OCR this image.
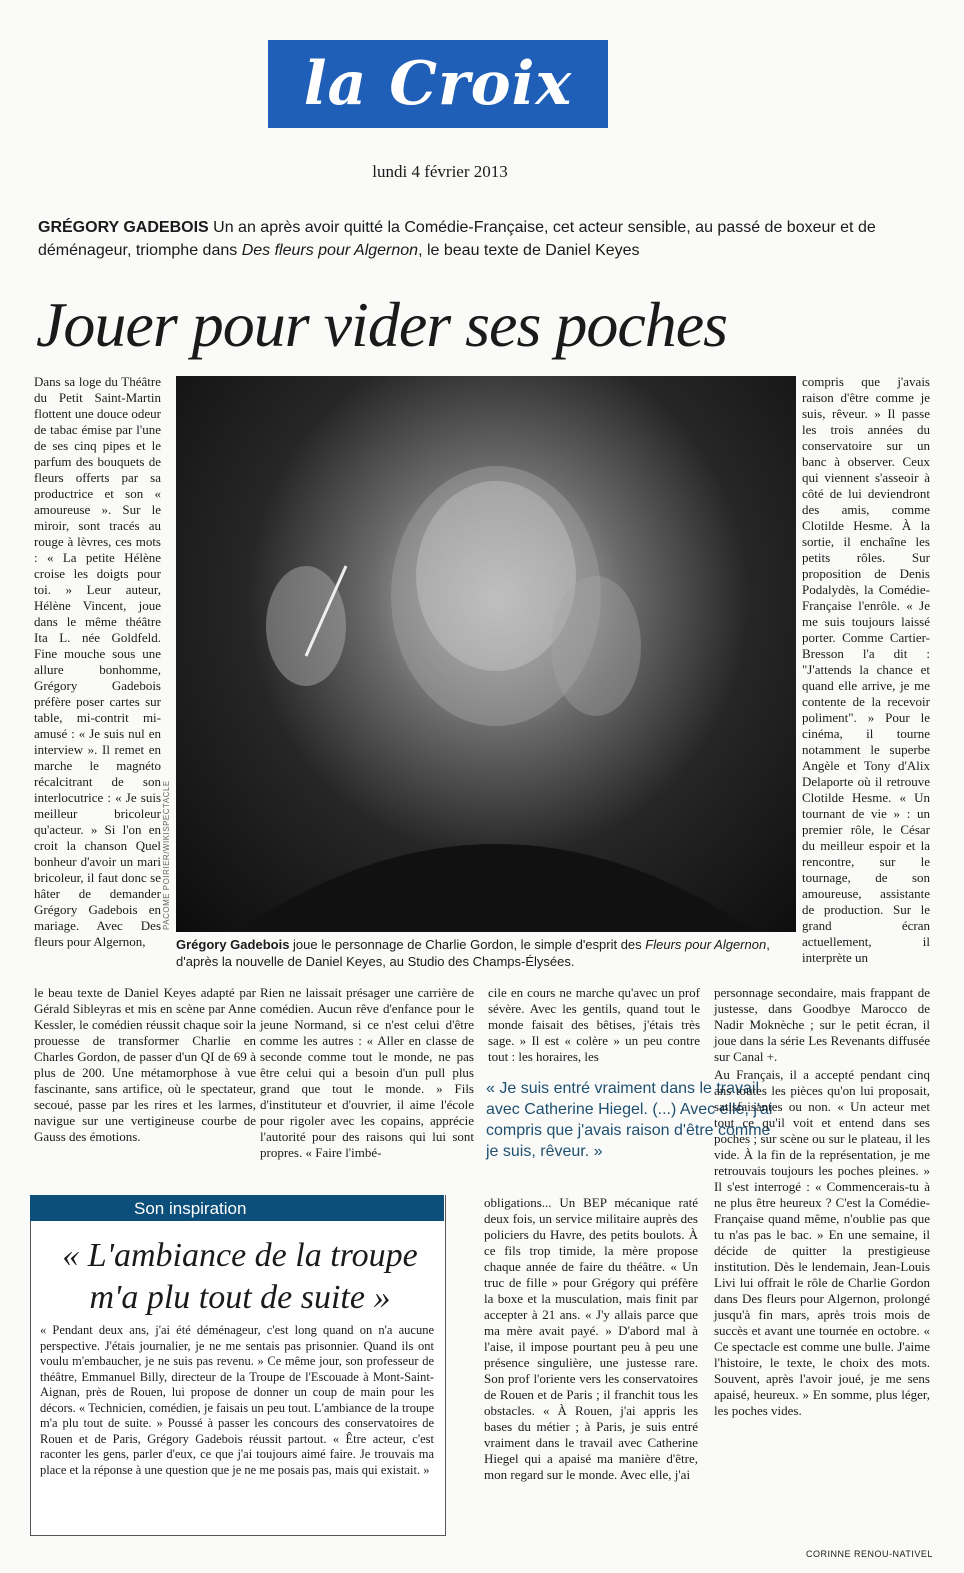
la Croix
lundi 4 février 2013
GRÉGORY GADEBOIS Un an après avoir quitté la Comédie-Française, cet acteur sensible, au passé de boxeur et de déménageur, triomphe dans Des fleurs pour Algernon, le beau texte de Daniel Keyes
Jouer pour vider ses poches
Dans sa loge du Théâtre du Petit Saint-Martin flottent une douce odeur de tabac émise par l'une de ses cinq pipes et le parfum des bouquets de fleurs offerts par sa productrice et son « amoureuse ». Sur le miroir, sont tracés au rouge à lèvres, ces mots : « La petite Hélène croise les doigts pour toi. » Leur auteur, Hélène Vincent, joue dans le même théâtre Ita L. née Goldfeld. Fine mouche sous une allure bonhomme, Grégory Gadebois préfère poser cartes sur table, mi-contrit mi-amusé : « Je suis nul en interview ». Il remet en marche le magnéto récalcitrant de son interlocutrice : « Je suis meilleur bricoleur qu'acteur. » Si l'on en croit la chanson Quel bonheur d'avoir un mari bricoleur, il faut donc se hâter de demander Grégory Gadebois en mariage. Avec Des fleurs pour Algernon,
le beau texte de Daniel Keyes adapté par Gérald Sibleyras et mis en scène par Anne Kessler, le comédien réussit chaque soir la prouesse de transformer Charlie en Charles Gordon, de passer d'un QI de 69 à plus de 200. Une métamorphose à vue fascinante, sans artifice, où le spectateur, secoué, passe par les rires et les larmes, navigue sur une vertigineuse courbe de Gauss des émotions.
PACOME POIRIER/WIKISPECTACLE
Grégory Gadebois joue le personnage de Charlie Gordon, le simple d'esprit des Fleurs pour Algernon, d'après la nouvelle de Daniel Keyes, au Studio des Champs-Élysées.
Rien ne laissait présager une carrière de comédien. Aucun rêve d'enfance pour le jeune Normand, si ce n'est celui d'être comme les autres : « Aller en classe de seconde comme tout le monde, ne pas être celui qui a besoin d'un pull plus grand que tout le monde. » Fils d'instituteur et d'ouvrier, il aime l'école pour rigoler avec les copains, apprécie l'autorité pour des raisons qui lui sont propres. « Faire l'imbé-
cile en cours ne marche qu'avec un prof sévère. Avec les gentils, quand tout le monde faisait des bêtises, j'étais très sage. » Il est « colère » un peu contre tout : les horaires, les
« Je suis entré vraiment dans le travail avec Catherine Hiegel. (...) Avec elle, j'ai compris que j'avais raison d'être comme je suis, rêveur. »
obligations... Un BEP mécanique raté deux fois, un service militaire auprès des policiers du Havre, des petits boulots. À ce fils trop timide, la mère propose chaque année de faire du théâtre. « Un truc de fille » pour Grégory qui préfère la boxe et la musculation, mais finit par accepter à 21 ans. « J'y allais parce que ma mère avait payé. » D'abord mal à l'aise, il impose pourtant peu à peu une présence singulière, une justesse rare. Son prof l'oriente vers les conservatoires de Rouen et de Paris ; il franchit tous les obstacles. « À Rouen, j'ai appris les bases du métier ; à Paris, je suis entré vraiment dans le travail avec Catherine Hiegel qui a apaisé ma manière d'être, mon regard sur le monde. Avec elle, j'ai
compris que j'avais raison d'être comme je suis, rêveur. » Il passe les trois années du conservatoire sur un banc à observer. Ceux qui viennent s'asseoir à côté de lui deviendront des amis, comme Clotilde Hesme. À la sortie, il enchaîne les petits rôles. Sur proposition de Denis Podalydès, la Comédie-Française l'enrôle. « Je me suis toujours laissé porter. Comme Cartier-Bresson l'a dit : "J'attends la chance et quand elle arrive, je me contente de la recevoir poliment". » Pour le cinéma, il tourne notamment le superbe Angèle et Tony d'Alix Delaporte où il retrouve Clotilde Hesme. « Un tournant de vie » : un premier rôle, le César du meilleur espoir et la rencontre, sur le tournage, de son amoureuse, assistante de production. Sur le grand écran actuellement, il interprète un
personnage secondaire, mais frappant de justesse, dans Goodbye Marocco de Nadir Moknèche ; sur le petit écran, il joue dans la série Les Revenants diffusée sur Canal +.
Au Français, il a accepté pendant cinq ans toutes les pièces qu'on lui proposait, satisfaisantes ou non. « Un acteur met tout ce qu'il voit et entend dans ses poches ; sur scène ou sur le plateau, il les vide. À la fin de la représentation, je me retrouvais toujours les poches pleines. » Il s'est interrogé : « Commencerais-tu à ne plus être heureux ? C'est la Comédie-Française quand même, n'oublie pas que tu n'as pas le bac. » En une semaine, il décide de quitter la prestigieuse institution. Dès le lendemain, Jean-Louis Livi lui offrait le rôle de Charlie Gordon dans Des fleurs pour Algernon, prolongé jusqu'à fin mars, après trois mois de succès et avant une tournée en octobre. « Ce spectacle est comme une bulle. J'aime l'histoire, le texte, le choix des mots. Souvent, après l'avoir joué, je me sens apaisé, heureux. » En somme, plus léger, les poches vides.
Son inspiration
« L'ambiance de la troupe m'a plu tout de suite »
« Pendant deux ans, j'ai été déménageur, c'est long quand on n'a aucune perspective. J'étais journalier, je ne me sentais pas prisonnier. Quand ils ont voulu m'embaucher, je ne suis pas revenu. » Ce même jour, son professeur de théâtre, Emmanuel Billy, directeur de la Troupe de l'Escouade à Mont-Saint-Aignan, près de Rouen, lui propose de donner un coup de main pour les décors. « Technicien, comédien, je faisais un peu tout. L'ambiance de la troupe m'a plu tout de suite. » Poussé à passer les concours des conservatoires de Rouen et de Paris, Grégory Gadebois réussit partout. « Être acteur, c'est raconter les gens, parler d'eux, ce que j'ai toujours aimé faire. Je trouvais ma place et la réponse à une question que je ne me posais pas, mais qui existait. »
CORINNE RENOU-NATIVEL
